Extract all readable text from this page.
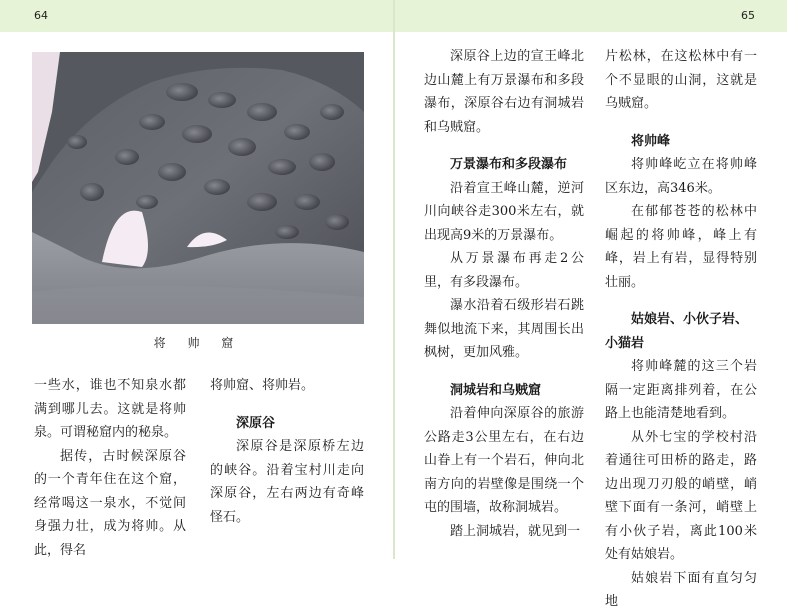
64	65
将 帅 窟

一些水，谁也不知泉水都满到哪儿去。这就是将帅泉。可谓秘窟内的秘泉。

据传，古时候深原谷的一个青年住在这个窟，经常喝这一泉水，不觉间身强力壮，成为将帅。从此，得名

将帅窟、将帅岩。

深原谷

深原谷是深原桥左边的峡谷。沿着宝村川走向深原谷，左右两边有奇峰怪石。

深原谷上边的宣王峰北边山麓上有万景瀑布和多段瀑布，深原谷右边有洞城岩和乌贼窟。

万景瀑布和多段瀑布

沿着宣王峰山麓，逆河川向峡谷走300米左右，就出现高9米的万景瀑布。

从万景瀑布再走2公里，有多段瀑布。

瀑水沿着石级形岩石跳舞似地流下来，其周围长出枫树，更加风雅。

洞城岩和乌贼窟

沿着伸向深原谷的旅游公路走3公里左右，在右边山眷上有一个岩石，伸向北南方向的岩壁像是围绕一个屯的围墙，故称洞城岩。

踏上洞城岩，就见到一

片松林，在这松林中有一个不显眼的山洞，这就是乌贼窟。

将帅峰

将帅峰屹立在将帅峰区东边，高346米。

在郁郁苍苍的松林中崛起的将帅峰，峰上有峰，岩上有岩，显得特别壮丽。

姑娘岩、小伙子岩、小猫岩

将帅峰麓的这三个岩隔一定距离排列着，在公路上也能清楚地看到。

从外七宝的学校村沿着通往可田桥的路走，路边出现刀刃般的峭壁，峭壁下面有一条河，峭壁上有小伙子岩，离此100米处有姑娘岩。

姑娘岩下面有直匀匀地
